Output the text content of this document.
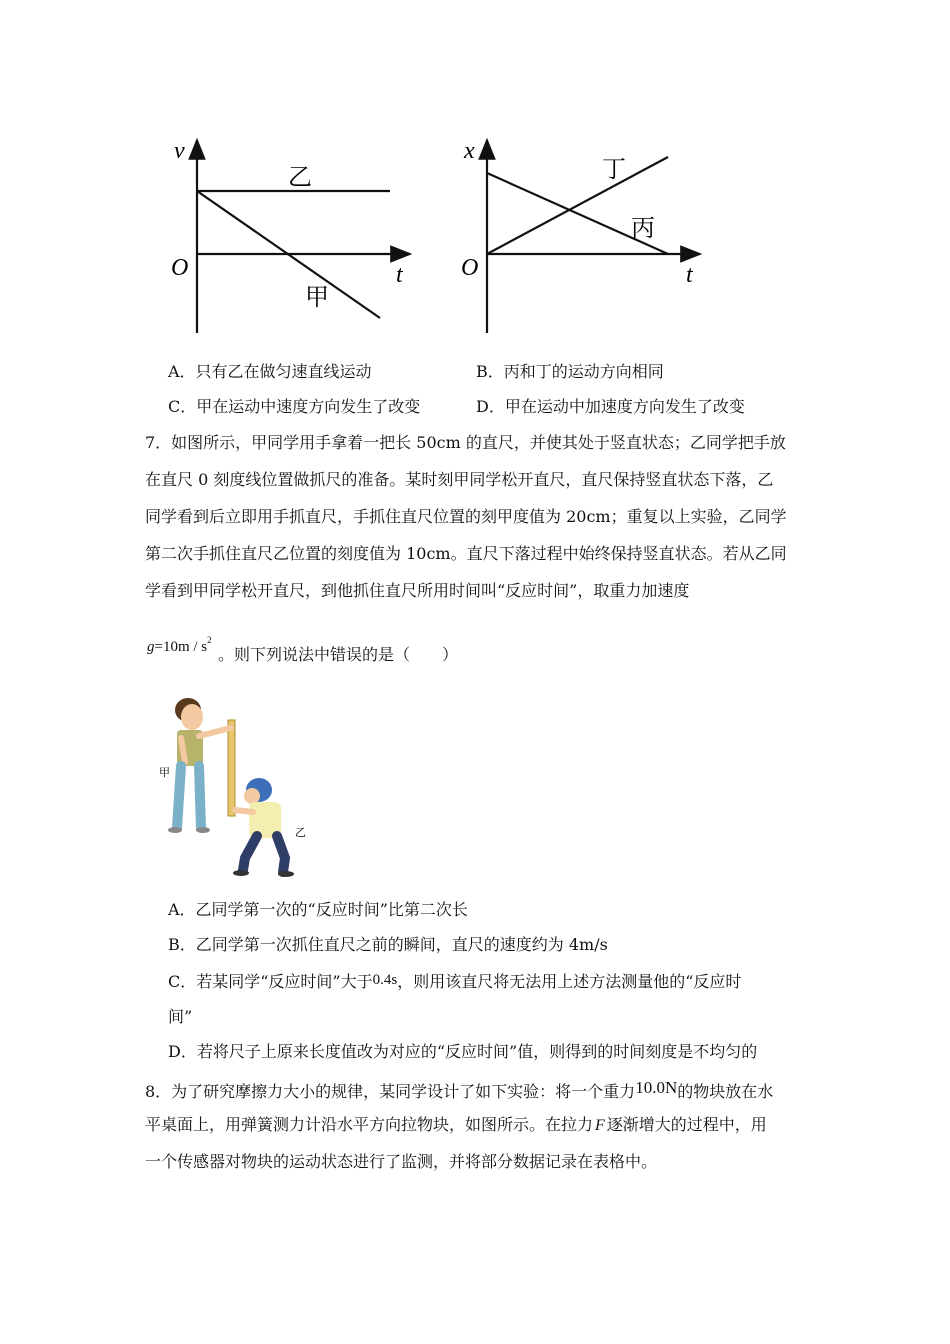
v
t
O
乙
甲
x
t
O
丁
丙
A．只有乙在做匀速直线运动	B．丙和丁的运动方向相同
C．甲在运动中速度方向发生了改变	D．甲在运动中加速度方向发生了改变
7．如图所示，甲同学用手拿着一把长 50cm 的直尺，并使其处于竖直状态；乙同学把手放
在直尺 0 刻度线位置做抓尺的准备。某时刻甲同学松开直尺，直尺保持竖直状态下落，乙
同学看到后立即用手抓直尺，手抓住直尺位置的刻甲度值为 20cm；重复以上实验，乙同学
第二次手抓住直尺乙位置的刻度值为 10cm。直尺下落过程中始终保持竖直状态。若从乙同
学看到甲同学松开直尺，到他抓住直尺所用时间叫“反应时间”，取重力加速度
$g=10m / s^2$
。则下列说法中错误的是（　　）
甲
乙
A．乙同学第一次的“反应时间”比第二次长
B．乙同学第一次抓住直尺之前的瞬间，直尺的速度约为 4m/s
C．若某同学“反应时间”大于0.4s，则用该直尺将无法用上述方法测量他的“反应时
间”
D．若将尺子上原来长度值改为对应的“反应时间”值，则得到的时间刻度是不均匀的
8．为了研究摩擦力大小的规律，某同学设计了如下实验：将一个重力10.0N的物块放在水
平桌面上，用弹簧测力计沿水平方向拉物块，如图所示。在拉力 F 逐渐增大的过程中，用
一个传感器对物块的运动状态进行了监测，并将部分数据记录在表格中。
